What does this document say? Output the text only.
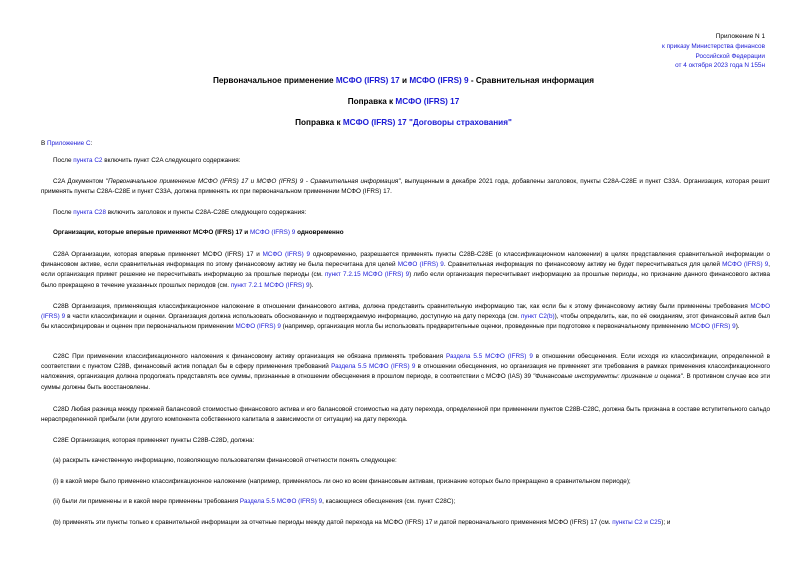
Приложение N 1
к приказу Министерства финансов
Российской Федерации
от 4 октября 2023 года N 155н
Первоначальное применение МСФО (IFRS) 17 и МСФО (IFRS) 9 - Сравнительная информация
Поправка к МСФО (IFRS) 17
Поправка к МСФО (IFRS) 17 "Договоры страхования"

В Приложение C:

После пункта C2 включить пункт C2A следующего содержания:

C2A Документом "Первоначальное применение МСФО (IFRS) 17 и МСФО (IFRS) 9 - Сравнительная информация", выпущенным в декабре 2021 года, добавлены заголовок, пункты C28A-C28E и пункт C33A. Организация, которая решит применять пункты C28A-C28E и пункт C33A, должна применять их при первоначальном применении МСФО (IFRS) 17.

После пункта C28 включить заголовок и пункты C28A-C28E следующего содержания:

Организации, которые впервые применяют МСФО (IFRS) 17 и МСФО (IFRS) 9 одновременно

C28A Организации, которая впервые применяет МСФО (IFRS) 17 и МСФО (IFRS) 9 одновременно, разрешается применять пункты C28B-C28E (о классификационном наложении) в целях представления сравнительной информации о финансовом активе, если сравнительная информация по этому финансовому активу не была пересчитана для целей МСФО (IFRS) 9. Сравнительная информация по финансовому активу не будет пересчитываться для целей МСФО (IFRS) 9, если организация примет решение не пересчитывать информацию за прошлые периоды (см. пункт 7.2.15 МСФО (IFRS) 9) либо если организация пересчитывает информацию за прошлые периоды, но признание данного финансового актива было прекращено в течение указанных прошлых периодов (см. пункт 7.2.1 МСФО (IFRS) 9).

C28B Организация, применяющая классификационное наложение в отношении финансового актива, должна представить сравнительную информацию так, как если бы к этому финансовому активу были применены требования МСФО (IFRS) 9 в части классификации и оценки. Организация должна использовать обоснованную и подтверждаемую информацию, доступную на дату перехода (см. пункт C2(b)), чтобы определить, как, по её ожиданиям, этот финансовый актив был бы классифицирован и оценен при первоначальном применении МСФО (IFRS) 9 (например, организация могла бы использовать предварительные оценки, проведенные при подготовке к первоначальному применению МСФО (IFRS) 9).

C28C При применении классификационного наложения к финансовому активу организация не обязана применять требования Раздела 5.5 МСФО (IFRS) 9 в отношении обесценения. Если исходя из классификации, определенной в соответствии с пунктом C28B, финансовый актив попадал бы в сферу применения требований Раздела 5.5 МСФО (IFRS) 9 в отношении обесценения, но организация не применяет эти требования в рамках применения классификационного наложения, организация должна продолжать представлять все суммы, признанные в отношении обесценения в прошлом периоде, в соответствии с МСФО (IAS) 39 "Финансовые инструменты: признание и оценка". В противном случае все эти суммы должны быть восстановлены.

C28D Любая разница между прежней балансовой стоимостью финансового актива и его балансовой стоимостью на дату перехода, определенной при применении пунктов C28B-C28C, должна быть признана в составе вступительного сальдо нераспределенной прибыли (или другого компонента собственного капитала в зависимости от ситуации) на дату перехода.

C28E Организация, которая применяет пункты C28B-C28D, должна:

(a) раскрыть качественную информацию, позволяющую пользователям финансовой отчетности понять следующее:

(i) в какой мере было применено классификационное наложение (например, применялось ли оно ко всем финансовым активам, признание которых было прекращено в сравнительном периоде);

(ii) были ли применены и в какой мере применены требования Раздела 5.5 МСФО (IFRS) 9, касающиеся обесценения (см. пункт C28C);

(b) применять эти пункты только к сравнительной информации за отчетные периоды между датой перехода на МСФО (IFRS) 17 и датой первоначального применения МСФО (IFRS) 17 (см. пункты C2 и C25); и
